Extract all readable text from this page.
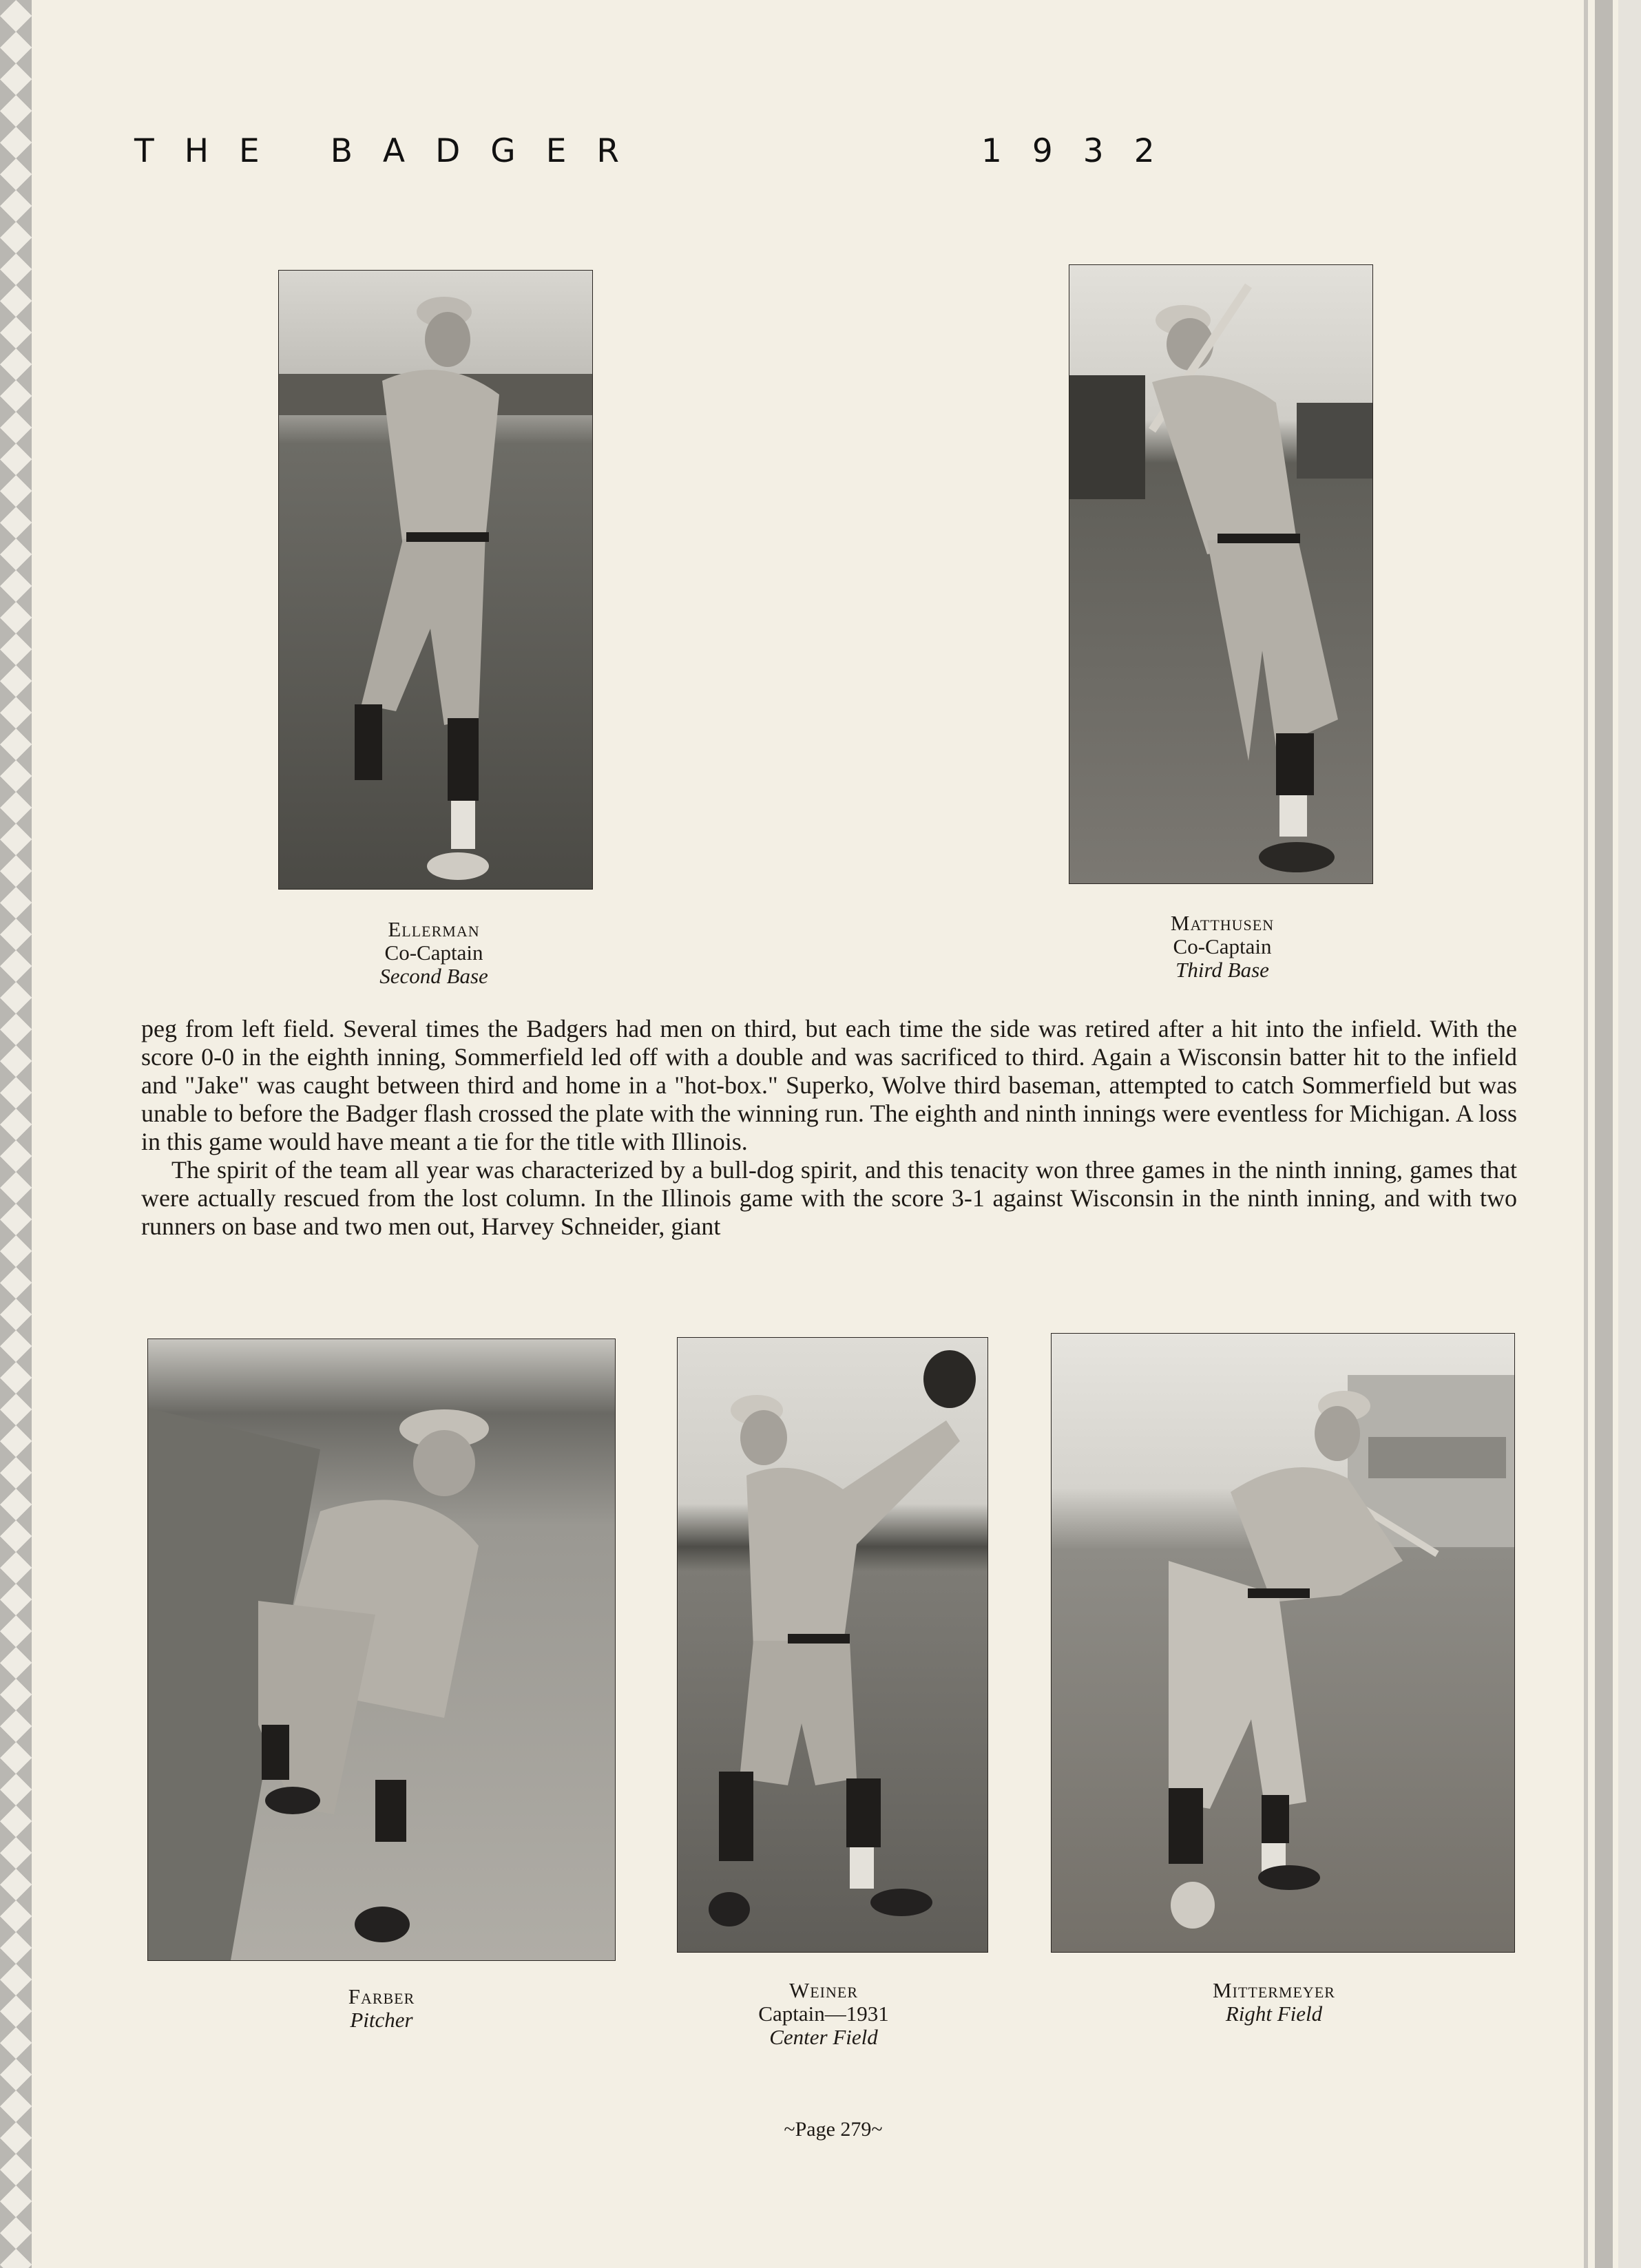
THE BADGER	1932
Ellerman
Co-Captain
Second Base
Matthusen
Co-Captain
Third Base

peg from left field. Several times the Badgers had men on third, but each time the side was retired after a hit into the infield. With the score 0-0 in the eighth inning, Sommerfield led off with a double and was sacrificed to third. Again a Wisconsin batter hit to the infield and "Jake" was caught between third and home in a "hot-box." Superko, Wolve third baseman, attempted to catch Sommerfield but was unable to before the Badger flash crossed the plate with the winning run. The eighth and ninth innings were eventless for Michigan. A loss in this game would have meant a tie for the title with Illinois.

The spirit of the team all year was characterized by a bull-dog spirit, and this tenacity won three games in the ninth inning, games that were actually rescued from the lost column. In the Illinois game with the score 3-1 against Wisconsin in the ninth inning, and with two runners on base and two men out, Harvey Schneider, giant

Farber
Pitcher
Weiner
Captain—1931
Center Field
Mittermeyer
Right Field
~Page 279~
